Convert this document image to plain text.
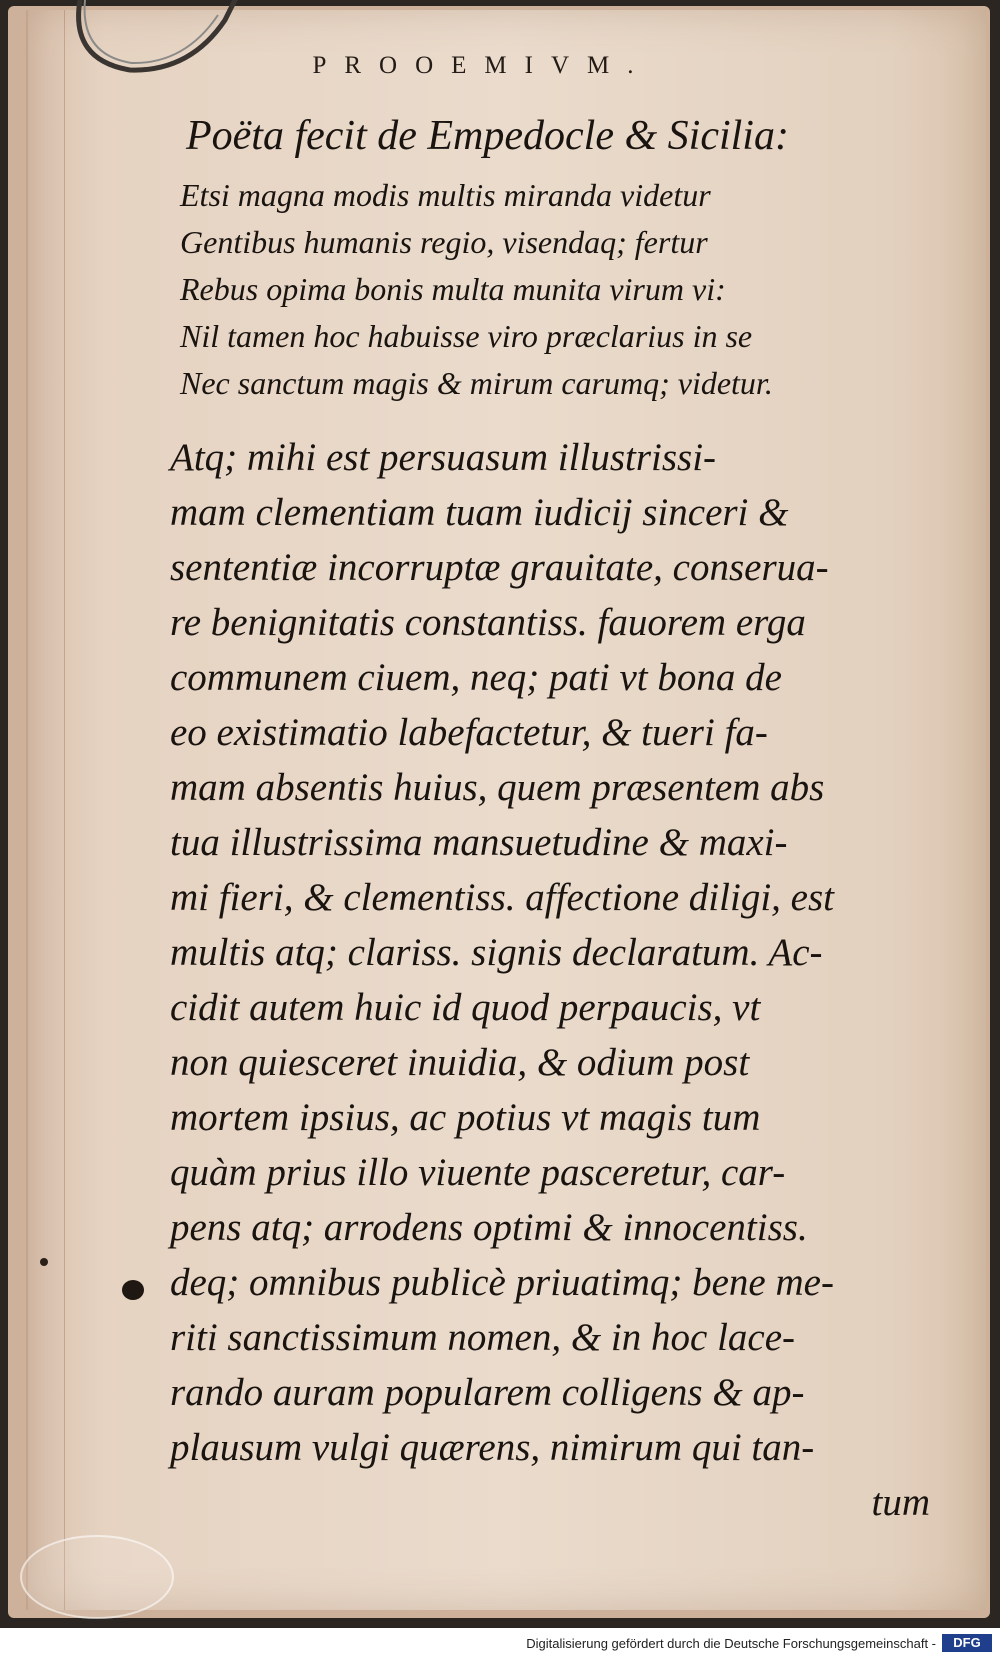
PROOEMIVM.
Poëta fecit de Empedocle & Sicilia:
Etsi magna modis multis miranda videtur
Gentibus humanis regio, visendaq; fertur
Rebus opima bonis multa munita virum vi:
Nil tamen hoc habuisse viro præclarius in se
Nec sanctum magis & mirum carumq; videtur.
Atq; mihi est persuasum illustrissi-
mam clementiam tuam iudicij sinceri &
sententiæ incorruptæ grauitate, conserua-
re benignitatis constantiss. fauorem erga
communem ciuem, neq; pati vt bona de
eo existimatio labefactetur, & tueri fa-
mam absentis huius, quem præsentem abs
tua illustrissima mansuetudine & maxi-
mi fieri, & clementiss. affectione diligi, est
multis atq; clariss. signis declaratum. Ac-
cidit autem huic id quod perpaucis, vt
non quiesceret inuidia, & odium post
mortem ipsius, ac potius vt magis tum
quàm prius illo viuente pasceretur, car-
pens atq; arrodens optimi & innocentiss.
deq; omnibus publicè priuatimq; bene me-
riti sanctissimum nomen, & in hoc lace-
rando auram popularem colligens & ap-
plausum vulgi quærens, nimirum qui tan-
tum
Digitalisierung gefördert durch die Deutsche Forschungsgemeinschaft -	DFG
